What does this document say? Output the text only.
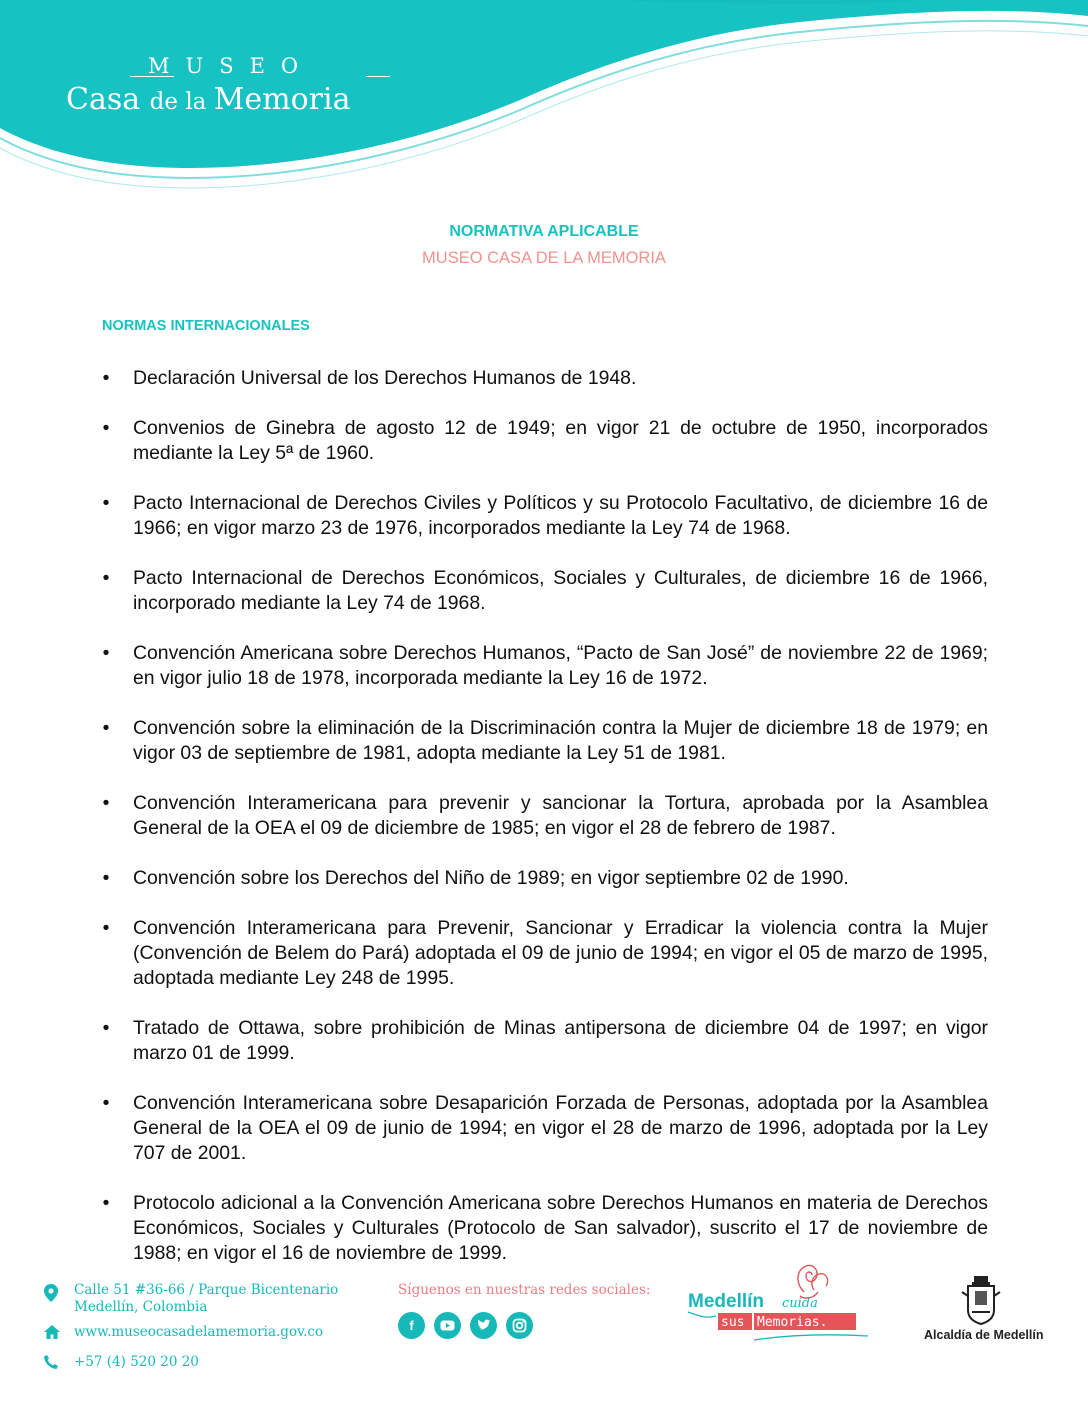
MUSEO
Casa de la Memoria
NORMATIVA APLICABLE
MUSEO CASA DE LA MEMORIA
NORMAS INTERNACIONALES
• Declaración Universal de los Derechos Humanos de 1948.
• Convenios de Ginebra de agosto 12 de 1949; en vigor 21 de octubre de 1950, incorporados mediante la Ley 5ª de 1960.
• Pacto Internacional de Derechos Civiles y Políticos y su Protocolo Facultativo, de diciembre 16 de 1966; en vigor marzo 23 de 1976, incorporados mediante la Ley 74 de 1968.
• Pacto Internacional de Derechos Económicos, Sociales y Culturales, de diciembre 16 de 1966, incorporado mediante la Ley 74 de 1968.
• Convención Americana sobre Derechos Humanos, “Pacto de San José” de noviembre 22 de 1969; en vigor julio 18 de 1978, incorporada mediante la Ley 16 de 1972.
• Convención sobre la eliminación de la Discriminación contra la Mujer de diciembre 18 de 1979; en vigor 03 de septiembre de 1981, adopta mediante la Ley 51 de 1981.
• Convención Interamericana para prevenir y sancionar la Tortura, aprobada por la Asamblea General de la OEA el 09 de diciembre de 1985; en vigor el 28 de febrero de 1987.
• Convención sobre los Derechos del Niño de 1989; en vigor septiembre 02 de 1990.
• Convención Interamericana para Prevenir, Sancionar y Erradicar la violencia contra la Mujer (Convención de Belem do Pará) adoptada el 09 de junio de 1994; en vigor el 05 de marzo de 1995, adoptada mediante Ley 248 de 1995.
• Tratado de Ottawa, sobre prohibición de Minas antipersona de diciembre 04 de 1997; en vigor marzo 01 de 1999.
• Convención Interamericana sobre Desaparición Forzada de Personas, adoptada por la Asamblea General de la OEA el 09 de junio de 1994; en vigor el 28 de marzo de 1996, adoptada por la Ley 707 de 2001.
• Protocolo adicional a la Convención Americana sobre Derechos Humanos en materia de Derechos Económicos, Sociales y Culturales (Protocolo de San salvador), suscrito el 17 de noviembre de 1988; en vigor el 16 de noviembre de 1999.
Calle 51 #36-66 / Parque Bicentenario
Medellín, Colombia
www.museocasadelamemoria.gov.co
+57 (4) 520 20 20
Síguenos en nuestras redes sociales:
f
Medellín cuida
sus Memorias.
Alcaldía de Medellín
